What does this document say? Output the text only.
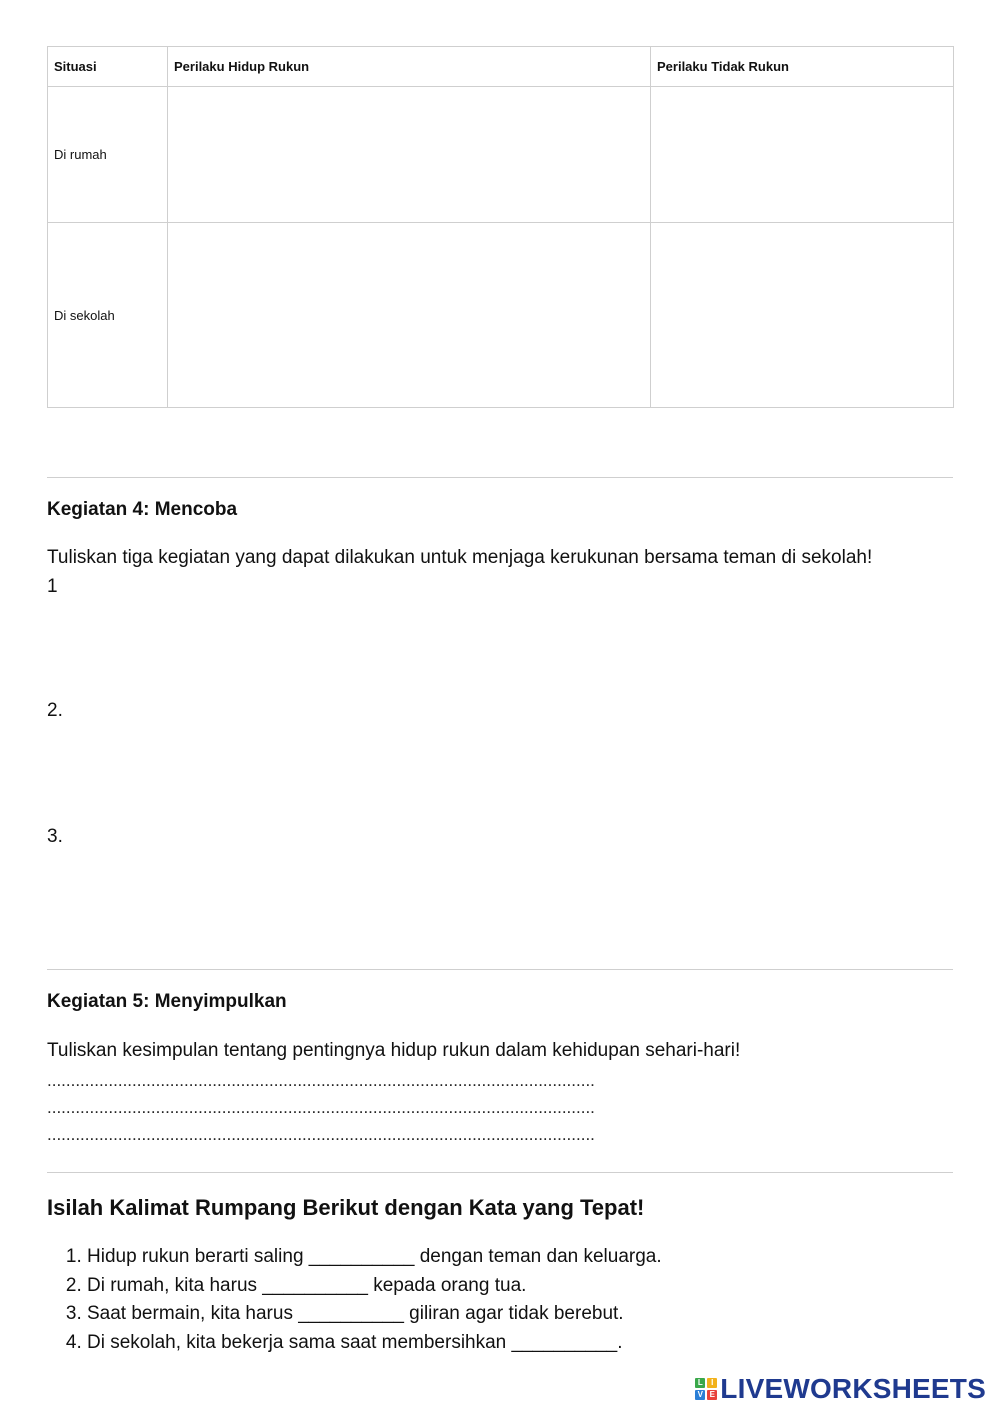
Situasi	Perilaku Hidup Rukun	Perilaku Tidak Rukun
Di rumah		
Di sekolah		
Kegiatan 4: Mencoba
Tuliskan tiga kegiatan yang dapat dilakukan untuk menjaga kerukunan bersama teman di sekolah!
1
2.
3.
Kegiatan 5: Menyimpulkan
Tuliskan kesimpulan tentang pentingnya hidup rukun dalam kehidupan sehari-hari!
....................................................................................................................
....................................................................................................................
....................................................................................................................
Isilah Kalimat Rumpang Berikut dengan Kata yang Tepat!
1. Hidup rukun berarti saling __________ dengan teman dan keluarga.
2. Di rumah, kita harus __________ kepada orang tua.
3. Saat bermain, kita harus __________ giliran agar tidak berebut.
4. Di sekolah, kita bekerja sama saat membersihkan __________.
L	I
V E LIVEWORKSHEETS
